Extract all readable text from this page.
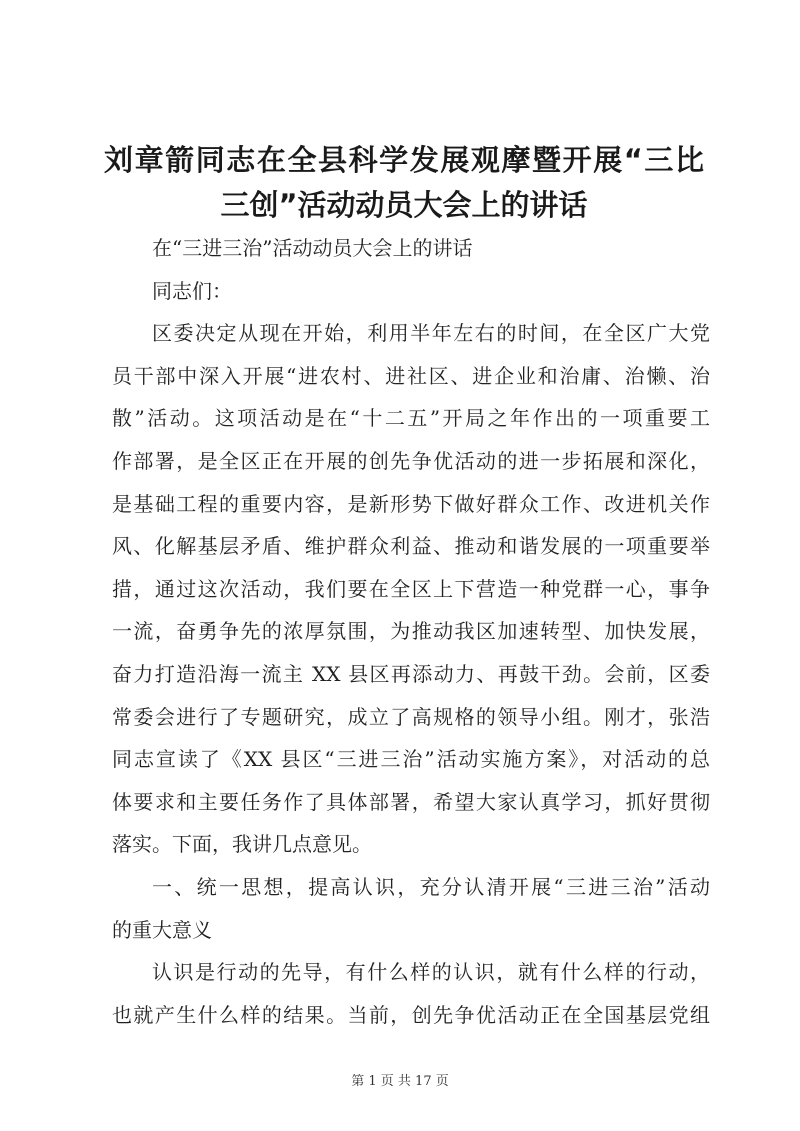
刘章箭同志在全县科学发展观摩暨开展“三比
三创”活动动员大会上的讲话
在“三进三治”活动动员大会上的讲话
同志们：
区委决定从现在开始，利用半年左右的时间，在全区广大党
员干部中深入开展“进农村、进社区、进企业和治庸、治懒、治
散”活动。这项活动是在“十二五”开局之年作出的一项重要工
作部署，是全区正在开展的创先争优活动的进一步拓展和深化，
是基础工程的重要内容，是新形势下做好群众工作、改进机关作
风、化解基层矛盾、维护群众利益、推动和谐发展的一项重要举
措，通过这次活动，我们要在全区上下营造一种党群一心，事争
一流，奋勇争先的浓厚氛围，为推动我区加速转型、加快发展，
奋力打造沿海一流主 XX 县区再添动力、再鼓干劲。会前，区委
常委会进行了专题研究，成立了高规格的领导小组。刚才，张浩
同志宣读了《XX 县区“三进三治”活动实施方案》，对活动的总
体要求和主要任务作了具体部署，希望大家认真学习，抓好贯彻
落实。下面，我讲几点意见。
一、统一思想，提高认识，充分认清开展“三进三治”活动
的重大意义
认识是行动的先导，有什么样的认识，就有什么样的行动，
也就产生什么样的结果。当前，创先争优活动正在全国基层党组
第 1 页 共 17 页
